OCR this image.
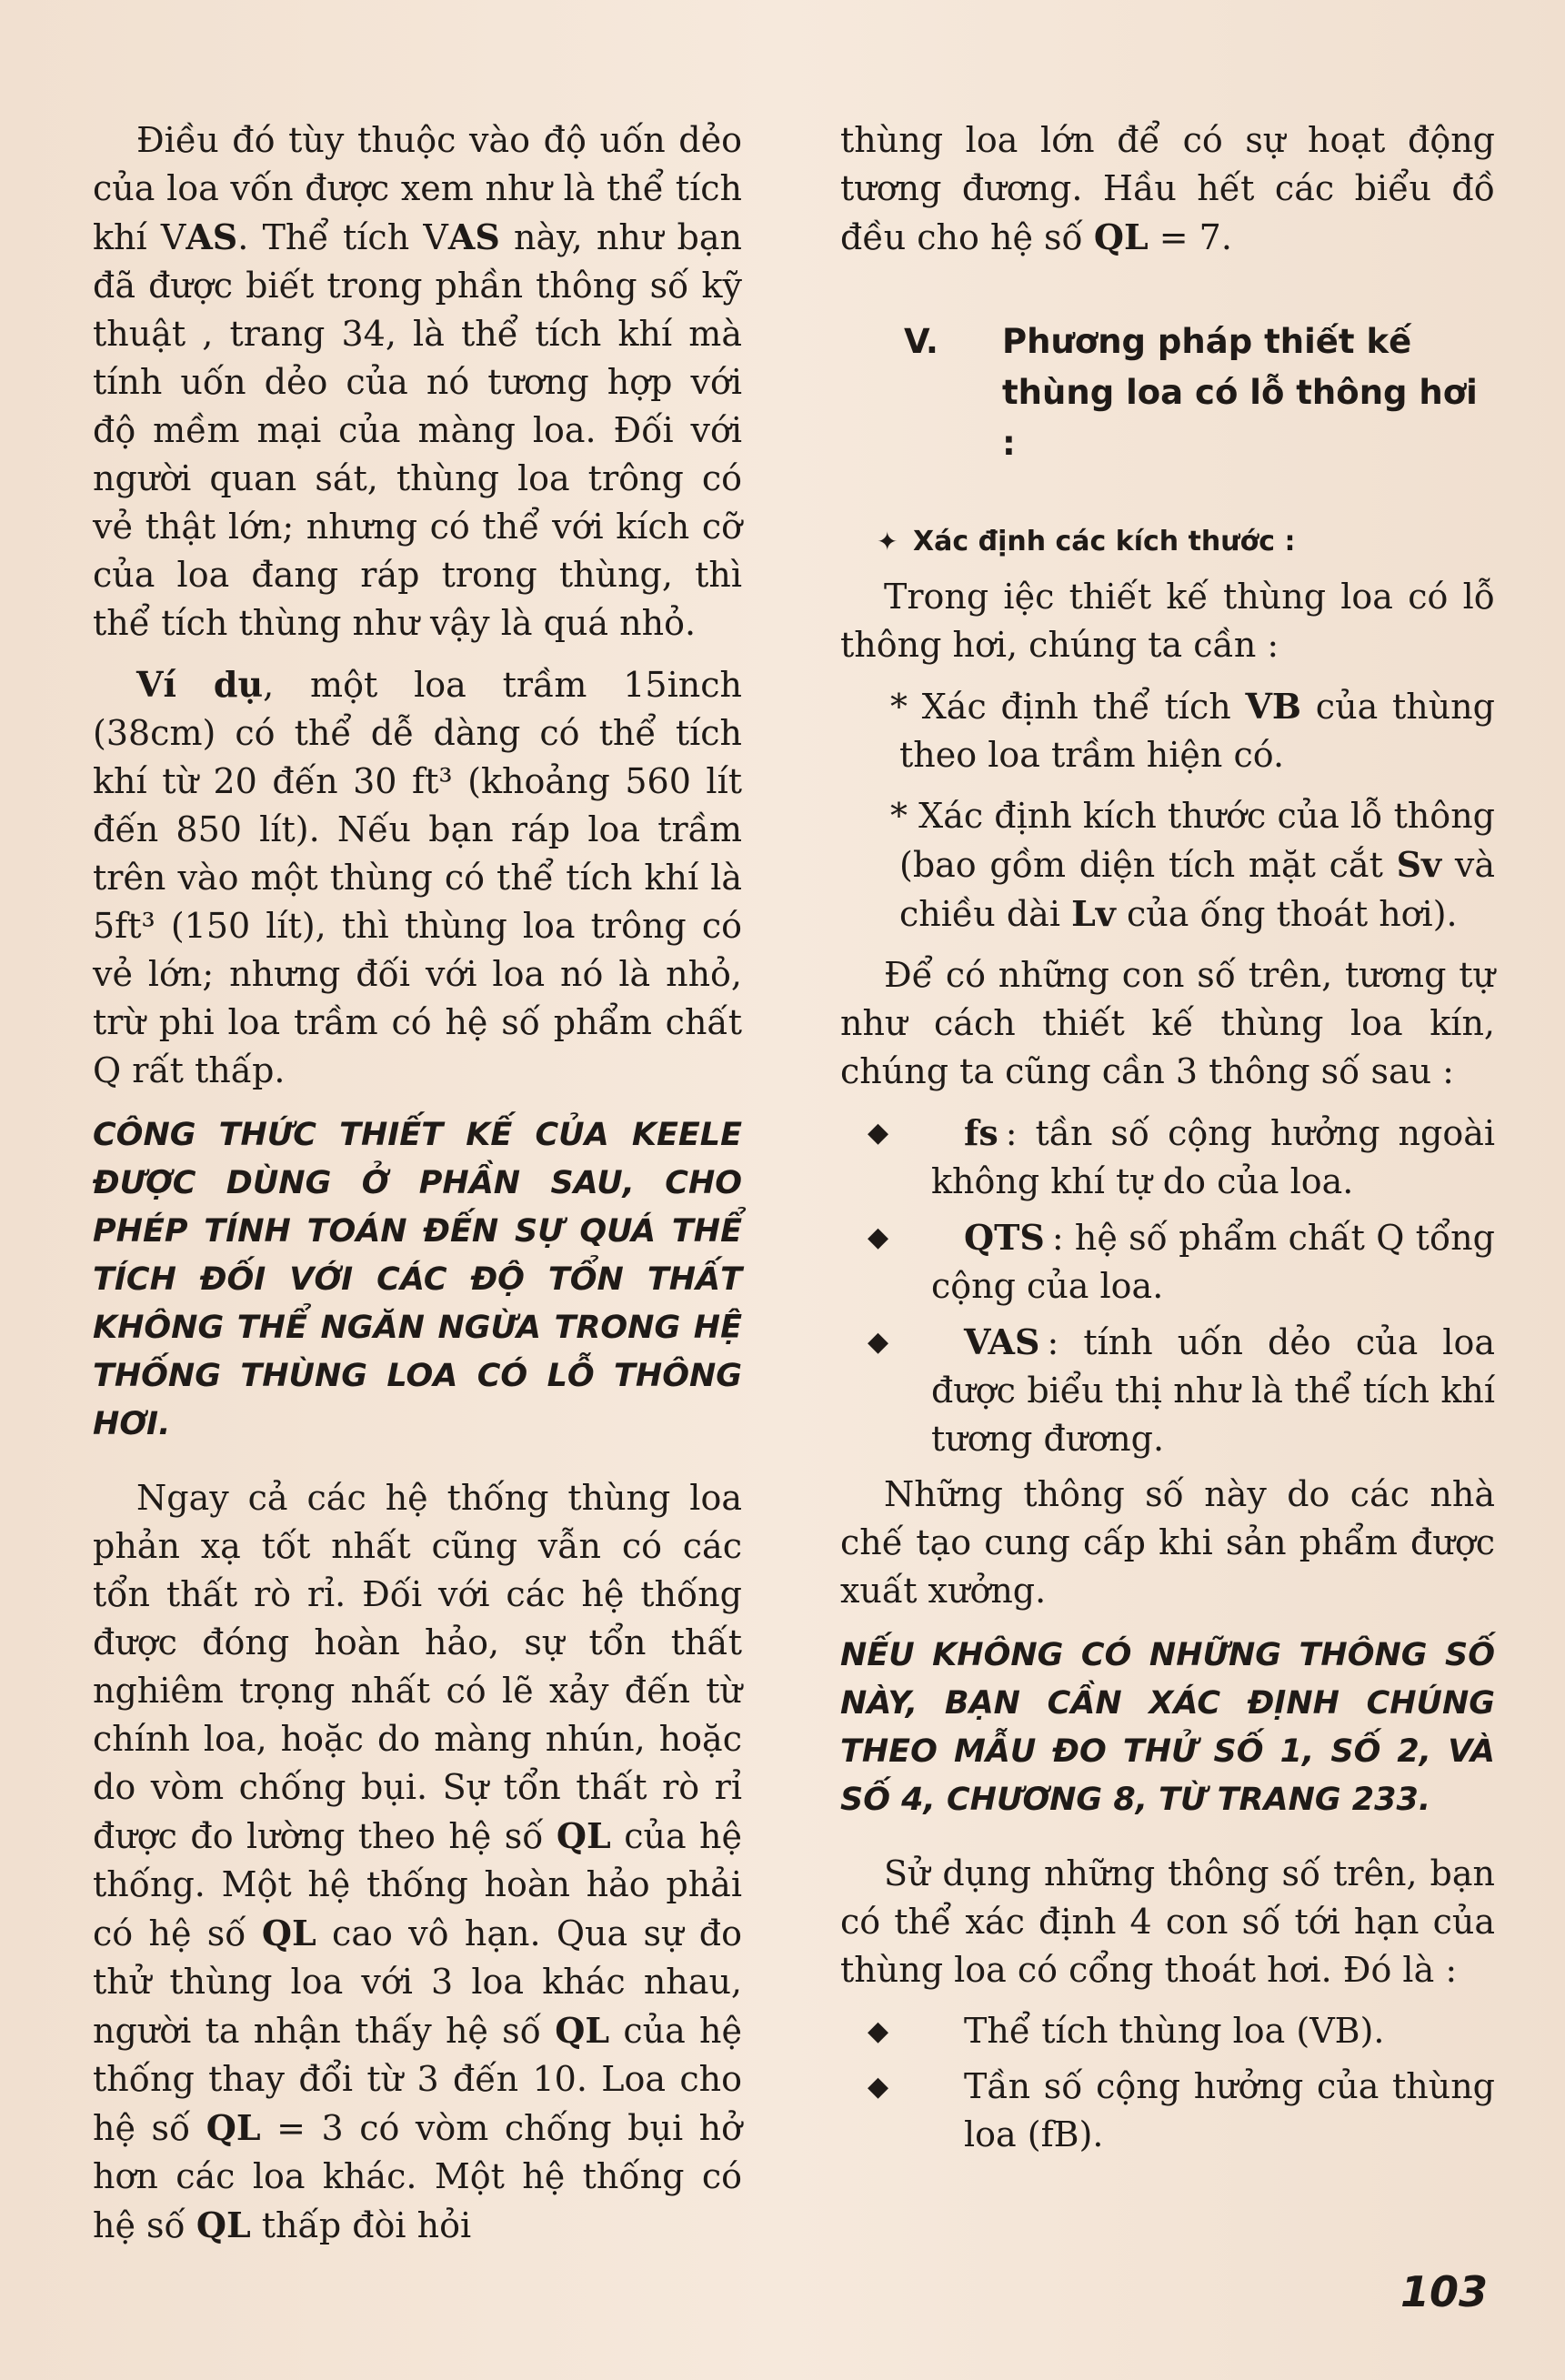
Điều đó tùy thuộc vào độ uốn dẻo của loa vốn được xem như là thể tích khí VAS. Thể tích VAS này, như bạn đã được biết trong phần thông số kỹ thuật , trang 34, là thể tích khí mà tính uốn dẻo của nó tương hợp với độ mềm mại của màng loa. Đối với người quan sát, thùng loa trông có vẻ thật lớn; nhưng có thể với kích cỡ của loa đang ráp trong thùng, thì thể tích thùng như vậy là quá nhỏ.

Ví dụ, một loa trầm 15inch (38cm) có thể dễ dàng có thể tích khí từ 20 đến 30 ft³ (khoảng 560 lít đến 850 lít). Nếu bạn ráp loa trầm trên vào một thùng có thể tích khí là 5ft³ (150 lít), thì thùng loa trông có vẻ lớn; nhưng đối với loa nó là nhỏ, trừ phi loa trầm có hệ số phẩm chất Q rất thấp.

CÔNG THỨC THIẾT KẾ CỦA KEELE ĐƯỢC DÙNG Ở PHẦN SAU, CHO PHÉP TÍNH TOÁN ĐẾN SỰ QUÁ THỂ TÍCH ĐỐI VỚI CÁC ĐỘ TỔN THẤT KHÔNG THỂ NGĂN NGỪA TRONG HỆ THỐNG THÙNG LOA CÓ LỖ THÔNG HƠI.

Ngay cả các hệ thống thùng loa phản xạ tốt nhất cũng vẫn có các tổn thất rò rỉ. Đối với các hệ thống được đóng hoàn hảo, sự tổn thất nghiêm trọng nhất có lẽ xảy đến từ chính loa, hoặc do màng nhún, hoặc do vòm chống bụi. Sự tổn thất rò rỉ được đo lường theo hệ số QL của hệ thống. Một hệ thống hoàn hảo phải có hệ số QL cao vô hạn. Qua sự đo thử thùng loa với 3 loa khác nhau, người ta nhận thấy hệ số QL của hệ thống thay đổi từ 3 đến 10. Loa cho hệ số QL = 3 có vòm chống bụi hở hơn các loa khác. Một hệ thống có hệ số QL thấp đòi hỏi

thùng loa lớn để có sự hoạt động tương đương. Hầu hết các biểu đồ đều cho hệ số QL = 7.

V.	Phương pháp thiết kế thùng loa có lỗ thông hơi :
✦ Xác định các kích thước :

Trong iệc thiết kế thùng loa có lỗ thông hơi, chúng ta cần :

* Xác định thể tích VB của thùng theo loa trầm hiện có.

* Xác định kích thước của lỗ thông (bao gồm diện tích mặt cắt Sv và chiều dài Lv của ống thoát hơi).

Để có những con số trên, tương tự như cách thiết kế thùng loa kín, chúng ta cũng cần 3 thông số sau :

◆	fs : tần số cộng hưởng ngoài không khí tự do của loa.
◆	QTS : hệ số phẩm chất Q tổng cộng của loa.
◆	VAS : tính uốn dẻo của loa được biểu thị như là thể tích khí tương đương.

Những thông số này do các nhà chế tạo cung cấp khi sản phẩm được xuất xưởng.

NẾU KHÔNG CÓ NHỮNG THÔNG SỐ NÀY, BẠN CẦN XÁC ĐỊNH CHÚNG THEO MẪU ĐO THỬ SỐ 1, SỐ 2, VÀ SỐ 4, CHƯƠNG 8, TỪ TRANG 233.

Sử dụng những thông số trên, bạn có thể xác định 4 con số tới hạn của thùng loa có cổng thoát hơi. Đó là :

◆	Thể tích thùng loa (VB).
◆	Tần số cộng hưởng của thùng loa (fB).
103
